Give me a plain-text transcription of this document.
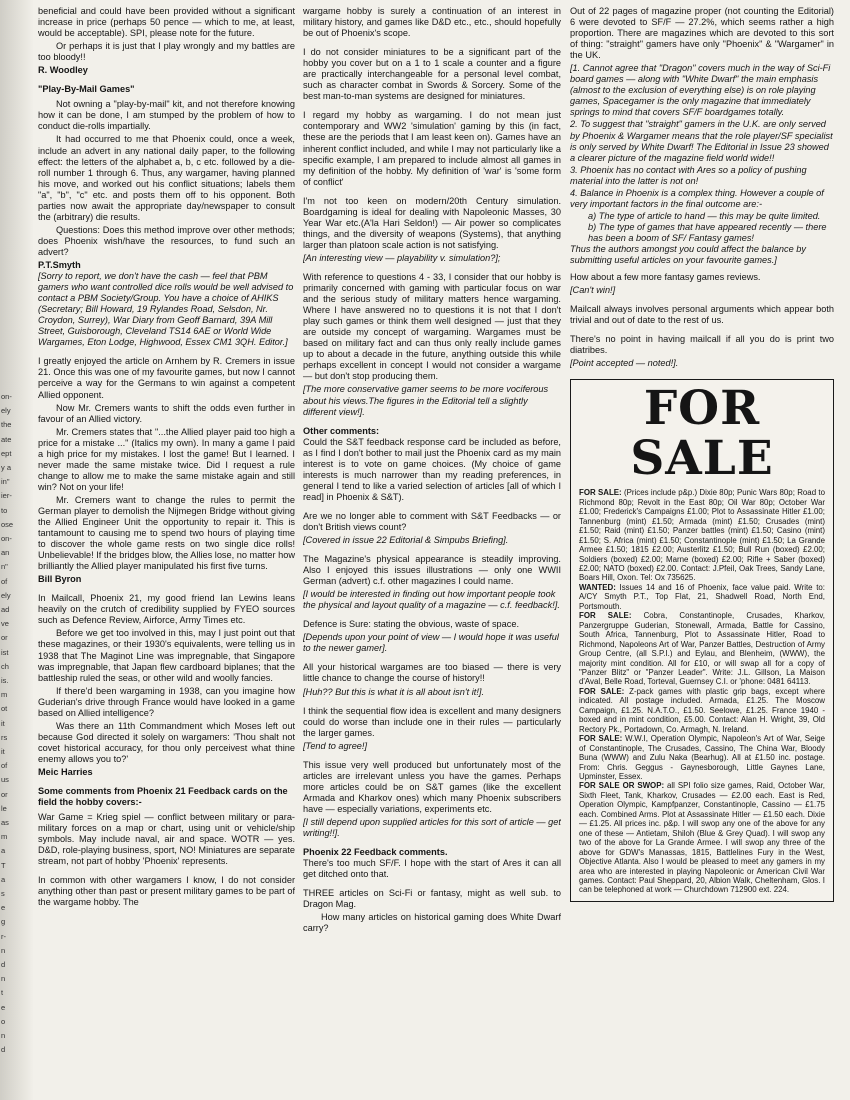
on-
ely
the
ate
ept
y a
in"
ier-
to
ose
on-
an
n"
of
ely
ad
ve
or
ist
ch
is.
m
ot
it
rs
it
of
us
or
le
as
m
a
T
a
s
e
g
r-
n
d
n
t
e
o
n
d

beneficial and could have been provided without a significant increase in price (perhaps 50 pence — which to me, at least, would be acceptable). SPI, please note for the future.

Or perhaps it is just that I play wrongly and my battles are too bloody!!

R. Woodley
"Play-By-Mail Games"

Not owning a "play-by-mail" kit, and not therefore knowing how it can be done, I am stumped by the problem of how to conduct die-rolls impartially.

It had occurred to me that Phoenix could, once a week, include an advert in any national daily paper, to the following effect: the letters of the alphabet a, b, c etc. followed by a die-roll number 1 through 6. Thus, any wargamer, having planned his move, and worked out his conflict situations; labels them "a", "b", "c" etc. and posts them off to his opponent. Both parties now await the appropriate day/newspaper to consult the (arbitrary) die results.

Questions: Does this method improve over other methods; does Phoenix wish/have the resources, to fund such an advert?

P.T.Smyth

[Sorry to report, we don't have the cash — feel that PBM gamers who want controlled dice rolls would be well advised to contact a PBM Society/Group. You have a choice of AHIKS (Secretary; Bill Howard, 19 Rylandes Road, Selsdon, Nr. Croydon, Surrey), War Diary from Geoff Barnard, 39A Mill Street, Guisborough, Cleveland TS14 6AE or World Wide Wargames, Eton Lodge, Highwood, Essex CM1 3QH. Editor.]

I greatly enjoyed the article on Arnhem by R. Cremers in issue 21. Once this was one of my favourite games, but now I cannot perceive a way for the Germans to win against a competent Allied opponent.

Now Mr. Cremers wants to shift the odds even further in favour of an Allied victory.

Mr. Cremers states that "...the Allied player paid too high a price for a mistake ..." (Italics my own). In many a game I paid a high price for my mistakes. I lost the game! But I learned. I never made the same mistake twice. Did I request a rule change to allow me to make the same mistake again and still win? Not on your life!

Mr. Cremers want to change the rules to permit the German player to demolish the Nijmegen Bridge without giving the Allied Engineer Unit the opportunity to repair it. This is tantamount to causing me to spend two hours of playing time to discover the whole game rests on two single dice rolls! Unbelievable! If the bridges blow, the Allies lose, no matter how brilliantly the Allied player manipulated his first five turns.

Bill Byron

In Mailcall, Phoenix 21, my good friend Ian Lewins leans heavily on the crutch of credibility supplied by FYEO sources such as Defence Review, Airforce, Army Times etc.

Before we get too involved in this, may I just point out that these magazines, or their 1930's equivalents, were telling us in 1938 that The Maginot Line was impregnable, that Singapore was impregnable, that Japan flew cardboard biplanes; that the battleship ruled the seas, or other wild and woolly fancies.

If there'd been wargaming in 1938, can you imagine how Guderian's drive through France would have looked in a game based on Allied intelligence?

Was there an 11th Commandment which Moses left out because God directed it solely on wargamers: 'Thou shalt not covet historical accuracy, for thou only perceivest what thine enemy allows you to?'

Meic Harries
Some comments from Phoenix 21 Feedback cards on the field the hobby covers:-

War Game = Krieg spiel — conflict between military or para-military forces on a map or chart, using unit or vehicle/ship symbols. May include naval, air and space. WOTR — yes. D&D, role-playing business, sport, NO! Miniatures are separate stream, not part of hobby 'Phoenix' represents.

In common with other wargamers I know, I do not consider anything other than past or present military games to be part of the wargame hobby. The

wargame hobby is surely a continuation of an interest in military history, and games like D&D etc., etc., should hopefully be out of Phoenix's scope.

I do not consider miniatures to be a significant part of the hobby you cover but on a 1 to 1 scale a counter and a figure are practically interchangeable for a personal level combat, such as character combat in Swords & Sorcery. Some of the best man-to-man systems are designed for miniatures.

I regard my hobby as wargaming. I do not mean just contemporary and WW2 'simulation' gaming by this (in fact, these are the periods that I am least keen on). Games have an inherent conflict included, and while I may not particularly like a specific example, I am prepared to include almost all games in my definition of the hobby. My definition of 'war' is 'some form of conflict'

I'm not too keen on modern/20th Century simulation. Boardgaming is ideal for dealing with Napoleonic Masses, 30 Year War etc.(A'la Hari Seldon!) — Air power so complicates things, and the diversity of weapons (Systems), that anything larger than platoon scale action is not satisfying.

[An interesting view — playability v. simulation?];

With reference to questions 4 - 33, I consider that our hobby is primarily concerned with gaming with particular focus on war and the serious study of military matters hence wargaming. Where I have answered no to questions it is not that I don't play such games or think them well designed — just that they are outside my concept of wargaming. Wargames must be based on military fact and can thus only really include games up to about a decade in the future, anything outside this while perhaps excellent in concept I would not consider a wargame — but don't stop producing them.

[The more conservative gamer seems to be more vociferous about his views.The figures in the Editorial tell a slightly different view!].

Other comments:

Could the S&T feedback response card be included as before, as I find I don't bother to mail just the Phoenix card as my main interest is to vote on game choices. (My choice of game interests is much narrower than my reading preferences, in general I tend to like a varied selection of articles [all of which I read] in Phoenix & S&T).

Are we no longer able to comment with S&T Feedbacks — or don't British views count?

[Covered in issue 22 Editorial & Simpubs Briefing].

The Magazine's physical appearance is steadily improving. Also I enjoyed this issues illustrations — only one WWII German (advert) c.f. other magazines I could name.

[I would be interested in finding out how important people took the physical and layout quality of a magazine — c.f. feedback!].

Defence is Sure: stating the obvious, waste of space.

[Depends upon your point of view — I would hope it was useful to the newer gamer].

All your historical wargames are too biased — there is very little chance to change the course of history!!

[Huh?? But this is what it is all about isn't it!].

I think the sequential flow idea is excellent and many designers could do worse than include one in their rules — particularly the larger games.

[Tend to agree!]

This issue very well produced but unfortunately most of the articles are irrelevant unless you have the games. Perhaps more articles could be on S&T games (like the excellent Armada and Kharkov ones) which many Phoenix subscribers have — especially variations, experiments etc.

[I still depend upon supplied articles for this sort of article — get writing!!].

Phoenix 22 Feedback comments.

There's too much SF/F. I hope with the start of Ares it can all get ditched onto that.

THREE articles on Sci-Fi or fantasy, might as well sub. to Dragon Mag.

How many articles on historical gaming does White Dwarf carry?

Out of 22 pages of magazine proper (not counting the Editorial) 6 were devoted to SF/F — 27.2%, which seems rather a high proportion. There are magazines which are devoted to this sort of thing: "straight" gamers have only "Phoenix" & "Wargamer" in the UK.

[1. Cannot agree that "Dragon" covers much in the way of Sci-Fi board games — along with "White Dwarf" the main emphasis (almost to the exclusion of everything else) is on role playing games, Spacegamer is the only magazine that immediately springs to mind that covers SF/F boardgames totally.
2. To suggest that "straight" gamers in the U.K. are only served by Phoenix & Wargamer means that the role player/SF specialist is only served by White Dwarf! The Editorial in Issue 23 showed a clearer picture of the magazine field world wide!!
3. Phoenix has no contact with Ares so a policy of pushing material into the latter is not on!
4. Balance in Phoenix is a complex thing. However a couple of very important factors in the final outcome are:-
a) The type of article to hand — this may be quite limited.
b) The type of games that have appeared recently — there has been a boom of SF/ Fantasy games!
Thus the authors amongst you could affect the balance by submitting useful articles on your favourite games.]

How about a few more fantasy games reviews.

[Can't win!]

Mailcall always involves personal arguments which appear both trivial and out of date to the rest of us.

There's no point in having mailcall if all you do is print two diatribes.

[Point accepted — noted!].

FOR SALE

FOR SALE: (Prices include p&p.) Dixie 80p; Punic Wars 80p; Road to Richmond 80p; Revolt in the East 80p; Oil War 80p; October War £1.00; Frederick's Campaigns £1.00; Plot to Assassinate Hitler £1.00; Tannenburg (mint) £1.50; Armada (mint) £1.50; Crusades (mint) £1.50; Raid (mint) £1.50; Panzer battles (mint) £1.50; Casino (mint) £1.50; S. Africa (mint) £1.50; Constantinople (mint) £1.50; La Grande Armee £1.50; 1815 £2.00; Austerlitz £1.50; Bull Run (boxed) £2.00; Soldiers (boxed) £2.00; Marne (boxed) £2.00; Rifle + Saber (boxed) £2.00; NATO (boxed) £2.00. Contact: J.Pfeil, Oak Trees, Sandy Lane, Boars Hill, Oxon. Tel: Ox 735625.

WANTED: Issues 14 and 16 of Phoenix, face value paid. Write to: A/CY Smyth P.T., Top Flat, 21, Shadwell Road, North End, Portsmouth.

FOR SALE: Cobra, Constantinople, Crusades, Kharkov, Panzergruppe Guderian, Stonewall, Armada, Battle for Cassino, South Africa, Tannenburg, Plot to Assassinate Hitler, Road to Richmond, Napoleons Art of War, Panzer Battles, Destruction of Army Group Centre, (all S.P.I.) and Eylau, and Blenheim, (WWW), the majority mint condition. All for £10, or will swap all for a copy of "Panzer Blitz" or "Panzer Leader". Write: J.L. Gillson, La Maison d'Aval, Belle Road, Torteval, Guernsey C.I. or 'phone: 0481 64113.

FOR SALE: Z-pack games with plastic grip bags, except where indicated. All postage included. Armada, £1.25. The Moscow Campaign, £1.25. N.A.T.O., £1.50. Seelowe, £1.25. France 1940 - boxed and in mint condition, £5.00. Contact: Alan H. Wright, 39, Old Rectory Pk., Portadown, Co. Armagh, N. Ireland.

FOR SALE: W.W.I, Operation Olympic, Napoleon's Art of War, Seige of Constantinople, The Crusades, Cassino, The China War, Bloody Buna (WWW) and Zulu Naka (Bearhug). All at £1.50 inc. postage. From: Chris. Geggus - Gaynesborough, Little Gaynes Lane, Upminster, Essex.

FOR SALE OR SWOP: all SPI folio size games, Raid, October War, Sixth Fleet, Tank, Kharkov, Crusades — £2.00 each. East is Red, Operation Olympic, Kampfpanzer, Constantinople, Cassino — £1.75 each. Combined Arms. Plot at Assassinate Hitler — £1.50 each. Dixie — £1.25. All prices inc. p&p. I will swop any one of the above for any one of these — Antietam, Shiloh (Blue & Grey Quad). I will swop any two of the above for La Grande Armee. I will swop any three of the above for GDW's Manassas, 1815, Battlelines Fury in the West, Objective Atlanta. Also I would be pleased to meet any gamers in my area who are interested in playing Napoleonic or American Civil War games. Contact: Paul Sheppard, 20, Albion Walk, Cheltenham, Glos. I can be telephoned at work — Churchdown 712900 ext. 224.
